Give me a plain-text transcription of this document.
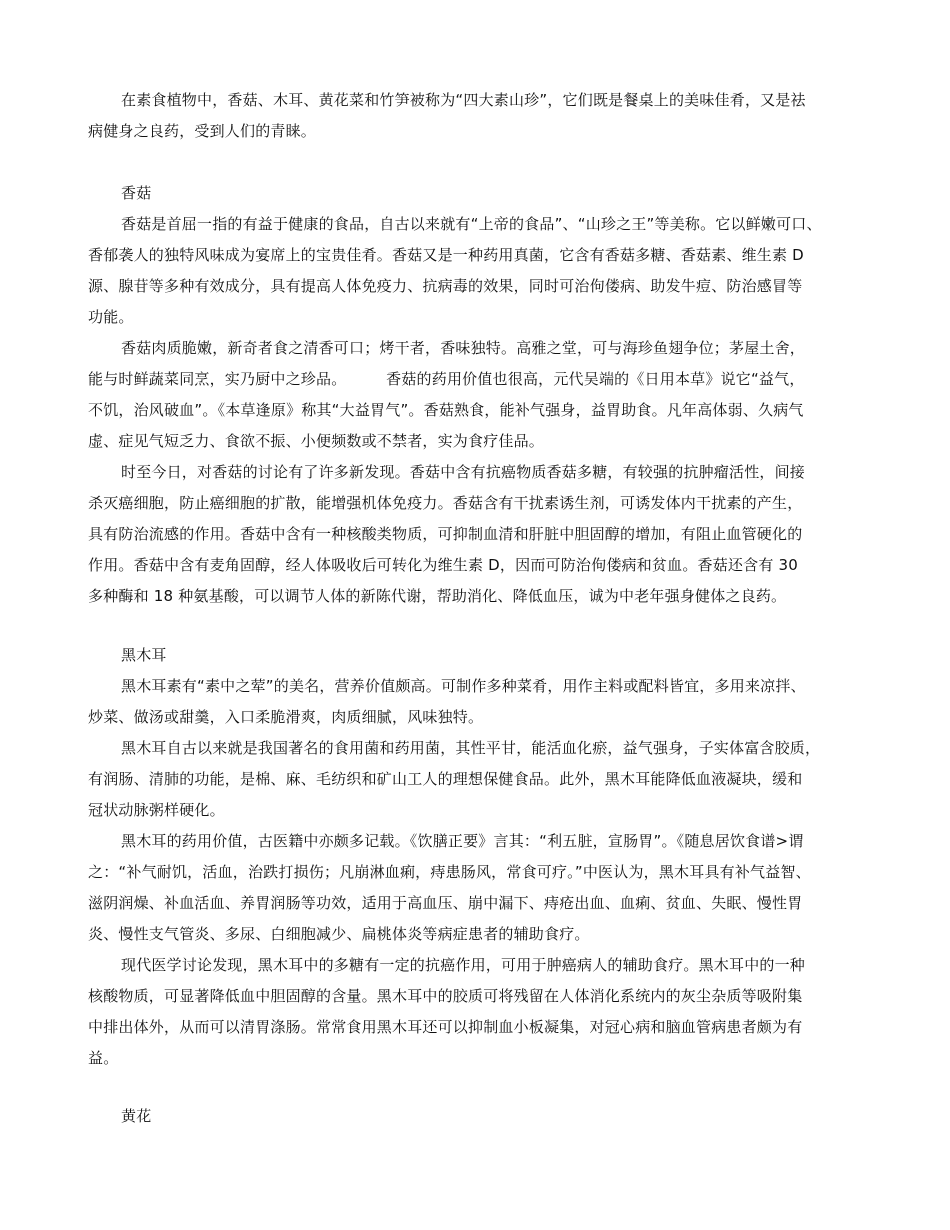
在素食植物中，香菇、木耳、黄花菜和竹笋被称为“四大素山珍”，它们既是餐桌上的美味佳肴，又是祛
病健身之良药，受到人们的青睐。
香菇
香菇是首屈一指的有益于健康的食品，自古以来就有“上帝的食品”、“山珍之王”等美称。它以鲜嫩可口、
香郁袭人的独特风味成为宴席上的宝贵佳肴。香菇又是一种药用真菌，它含有香菇多糖、香菇素、维生素 D
源、腺苷等多种有效成分，具有提高人体免疫力、抗病毒的效果，同时可治佝偻病、助发牛痘、防治感冒等
功能。
香菇肉质脆嫩，新奇者食之清香可口；烤干者，香味独特。高雅之堂，可与海珍鱼翅争位；茅屋土舍，
能与时鲜蔬菜同烹，实乃厨中之珍品。        香菇的药用价值也很高，元代吴端的《日用本草》说它“益气，
不饥，治风破血”。《本草逢原》称其“大益胃气”。香菇熟食，能补气强身，益胃助食。凡年高体弱、久病气
虚、症见气短乏力、食欲不振、小便频数或不禁者，实为食疗佳品。
时至今日，对香菇的讨论有了许多新发现。香菇中含有抗癌物质香菇多糖，有较强的抗肿瘤活性，间接
杀灭癌细胞，防止癌细胞的扩散，能增强机体免疫力。香菇含有干扰素诱生剂，可诱发体内干扰素的产生，
具有防治流感的作用。香菇中含有一种核酸类物质，可抑制血清和肝脏中胆固醇的增加，有阻止血管硬化的
作用。香菇中含有麦角固醇，经人体吸收后可转化为维生素 D，因而可防治佝偻病和贫血。香菇还含有 30
多种酶和 18 种氨基酸，可以调节人体的新陈代谢，帮助消化、降低血压，诚为中老年强身健体之良药。
黑木耳
黑木耳素有“素中之荤”的美名，营养价值颇高。可制作多种菜肴，用作主料或配料皆宜，多用来凉拌、
炒菜、做汤或甜羹，入口柔脆滑爽，肉质细腻，风味独特。
黑木耳自古以来就是我国著名的食用菌和药用菌，其性平甘，能活血化瘀，益气强身，子实体富含胶质，
有润肠、清肺的功能，是棉、麻、毛纺织和矿山工人的理想保健食品。此外，黑木耳能降低血液凝块，缓和
冠状动脉粥样硬化。
黑木耳的药用价值，古医籍中亦颇多记载。《饮膳正要》言其：“利五脏，宣肠胃”。《随息居饮食谱>谓
之：“补气耐饥，活血，治跌打损伤；凡崩淋血痢，痔患肠风，常食可疗。”中医认为，黑木耳具有补气益智、
滋阴润燥、补血活血、养胃润肠等功效，适用于高血压、崩中漏下、痔疮出血、血痢、贫血、失眠、慢性胃
炎、慢性支气管炎、多尿、白细胞减少、扁桃体炎等病症患者的辅助食疗。
现代医学讨论发现，黑木耳中的多糖有一定的抗癌作用，可用于肿癌病人的辅助食疗。黑木耳中的一种
核酸物质，可显著降低血中胆固醇的含量。黑木耳中的胶质可将残留在人体消化系统内的灰尘杂质等吸附集
中排出体外，从而可以清胃涤肠。常常食用黑木耳还可以抑制血小板凝集，对冠心病和脑血管病患者颇为有
益。
黄花
